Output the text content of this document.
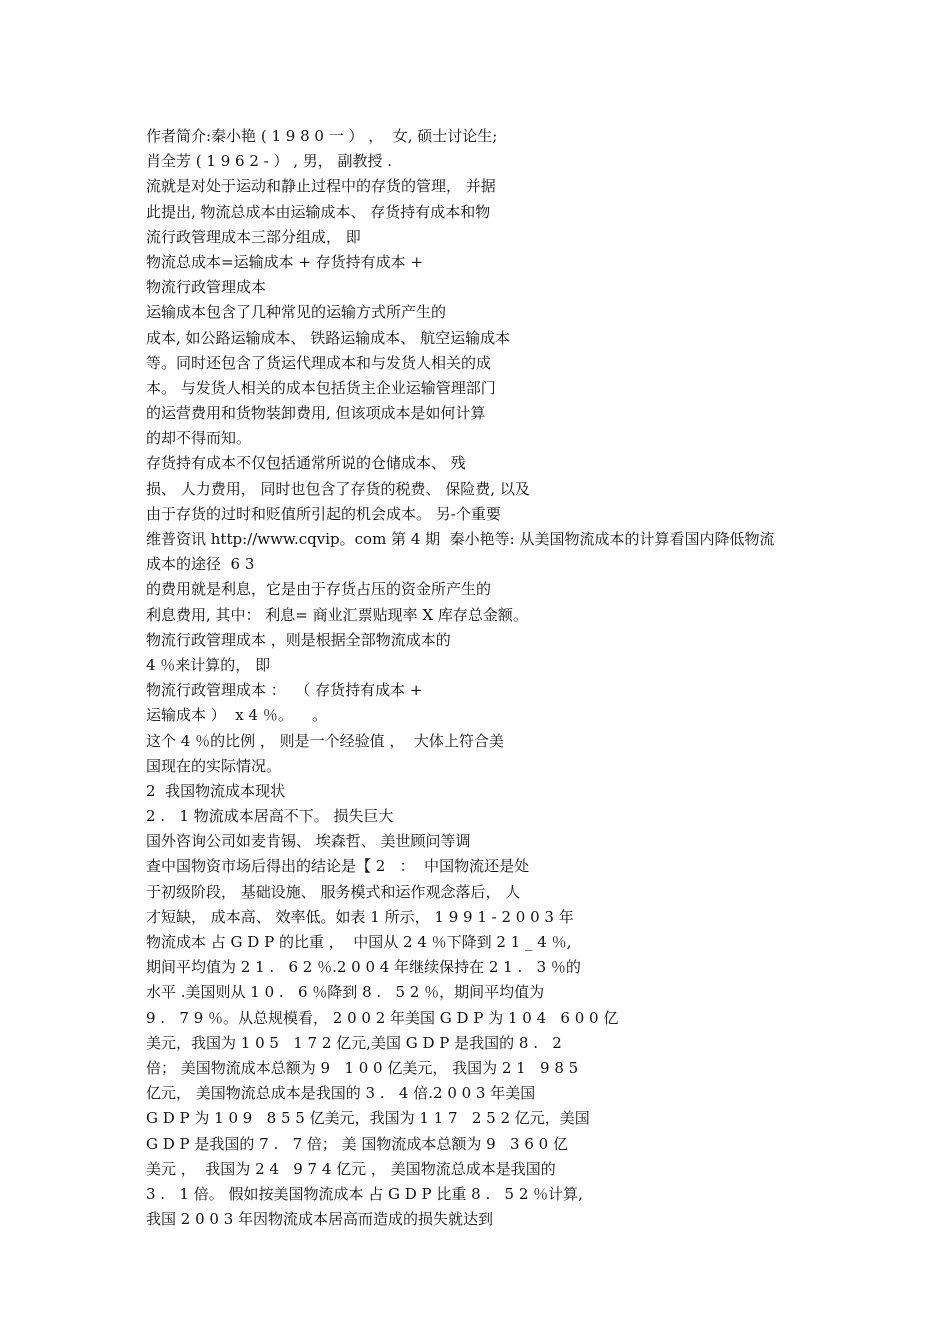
作者简介:秦小艳 ( 1 9 8 0 一 ） ，  女, 硕士讨论生;
肖全芳 ( 1 9 6 2 - ） , 男， 副教授 .
流就是对处于运动和静止过程中的存货的管理， 并据
此提出, 物流总成本由运输成本、 存货持有成本和物
流行政管理成本三部分组成， 即
物流总成本=运输成本 + 存货持有成本 +
物流行政管理成本
运输成本包含了几种常见的运输方式所产生的
成本, 如公路运输成本、 铁路运输成本、 航空运输成本
等。同时还包含了货运代理成本和与发货人相关的成
本。 与发货人相关的成本包括货主企业运输管理部门
的运营费用和货物装卸费用, 但该项成本是如何计算
的却不得而知。
存货持有成本不仅包括通常所说的仓储成本、 残
损、 人力费用， 同时也包含了存货的税费、 保险费, 以及
由于存货的过时和贬值所引起的机会成本。 另-个重要
维普资讯 http://www.cqvip。com 第 4 期  秦小艳等: 从美国物流成本的计算看国内降低物流
成本的途径  6 3
的费用就是利息，它是由于存货占压的资金所产生的
利息费用, 其中： 利息= 商业汇票贴现率 X 库存总金额。
物流行政管理成本 ，则是根据全部物流成本的
4 ％来计算的， 即
物流行政管理成本 ：  （ 存货持有成本 +
运输成本 ）  x 4 ％。    。
这个 4 ％的比例 ， 则是一个经验值 ，  大体上符合美
国现在的实际情况。
2  我国物流成本现状
2 .   1 物流成本居高不下。 损失巨大
国外咨询公司如麦肯锡、 埃森哲、 美世顾问等调
查中国物资市场后得出的结论是【 2   ：  中国物流还是处
于初级阶段， 基础设施、 服务模式和运作观念落后， 人
才短缺， 成本高、 效率低。如表 1 所示， 1 9 9 1 - 2 0 0 3 年
物流成本 占 G D P 的比重 ，  中国从 2 4 ％下降到 2 1 _ 4 ％,
期间平均值为 2 1 .   6 2 ％.2 0 0 4 年继续保持在 2 1 .   3 ％的
水平 .美国则从 1 0 .   6 ％降到 8 .   5 2 ％，期间平均值为
9 .   7 9 ％。从总规模看， 2 0 0 2 年美国 G D P 为 1 0 4   6 0 0 亿
美元，我国为 1 0 5   1 7 2 亿元,美国 G D P 是我国的 8 .   2
倍； 美国物流成本总额为 9   1 0 0 亿美元， 我国为 2 1   9 8 5
亿元， 美国物流总成本是我国的 3 .   4 倍.2 0 0 3 年美国
G D P 为 1 0 9   8 5 5 亿美元，我国为 1 1 7   2 5 2 亿元，美国
G D P 是我国的 7 .   7 倍； 美 国物流成本总额为 9   3 6 0 亿
美元 ，  我国为 2 4   9 7 4 亿元 ， 美国物流总成本是我国的
3 .   1 倍。 假如按美国物流成本 占 G D P 比重 8 .   5 2 ％计算,
我国 2 0 0 3 年因物流成本居高而造成的损失就达到
